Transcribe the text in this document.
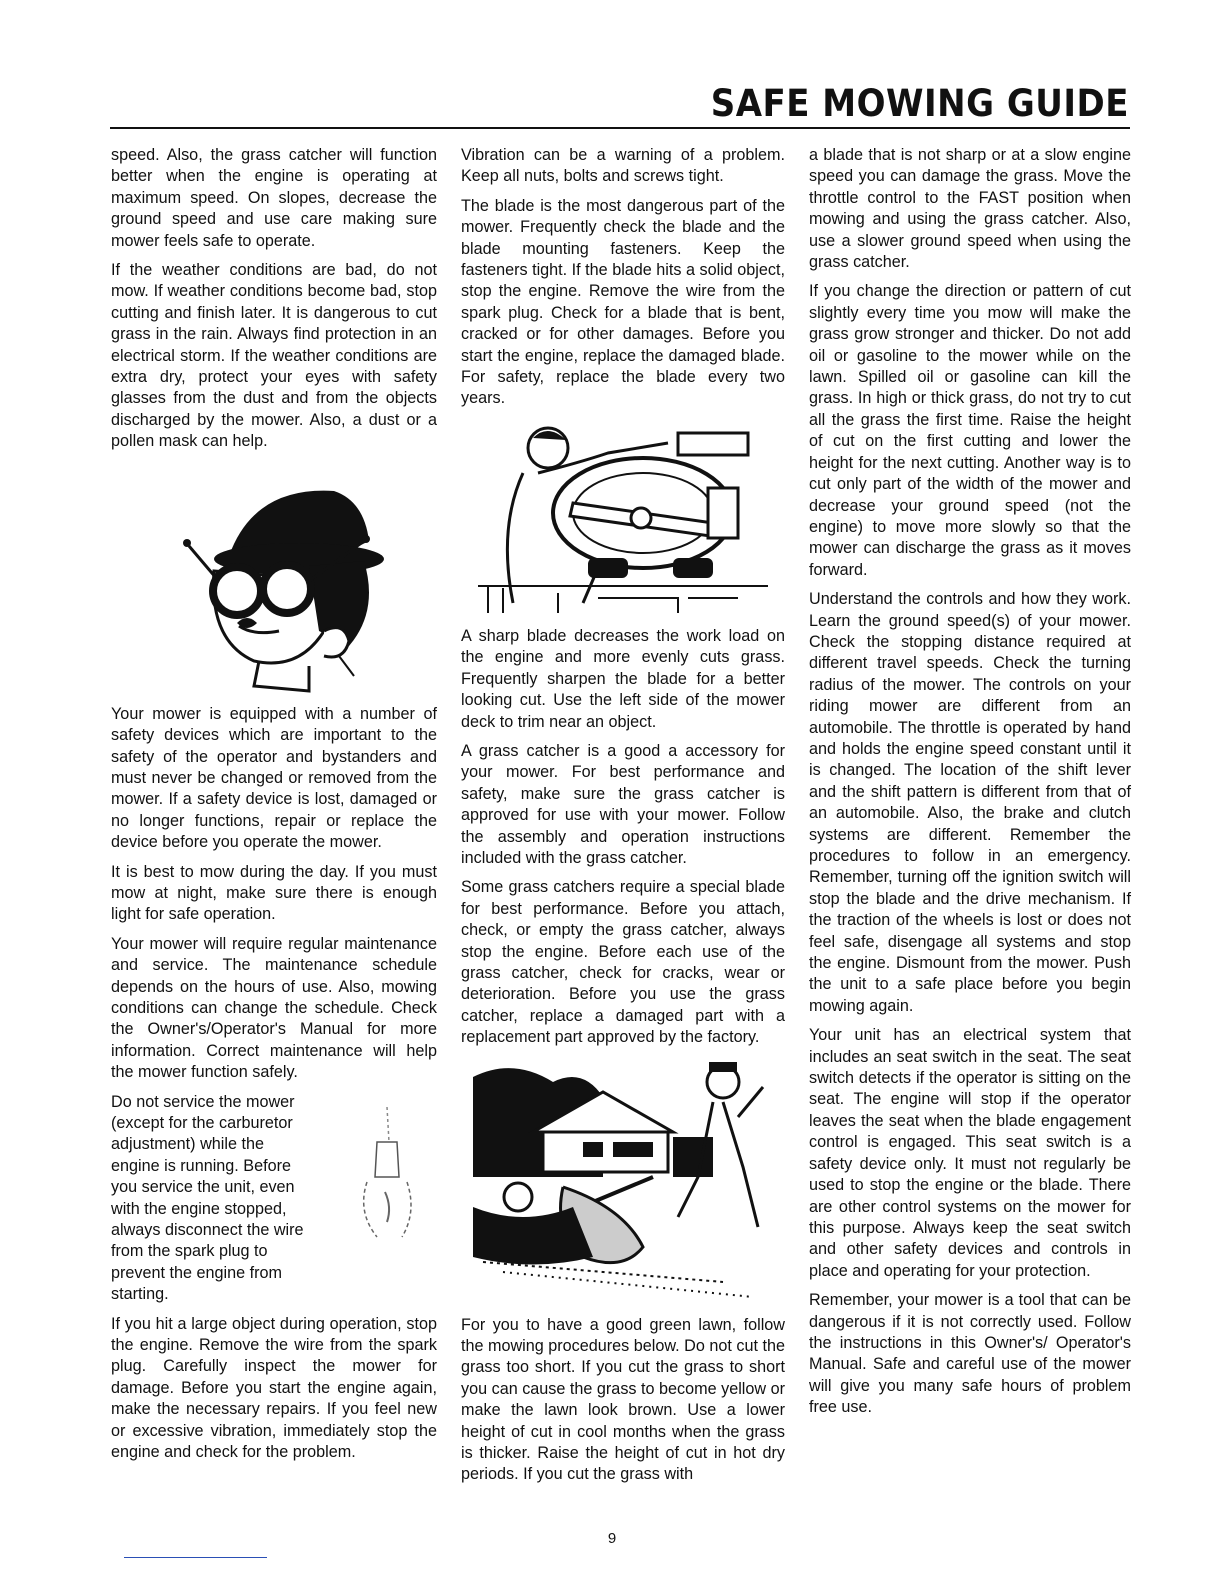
SAFE MOWING GUIDE

speed. Also, the grass catcher will function better when the engine is operating at maximum speed. On slopes, decrease the ground speed and use care making sure mower feels safe to operate.

If the weather conditions are bad, do not mow. If weather conditions become bad, stop cutting and finish later. It is dangerous to cut grass in the rain. Always find protection in an electrical storm. If the weather conditions are extra dry, protect your eyes with safety glasses from the dust and from the objects discharged by the mower. Also, a dust or a pollen mask can help.

Your mower is equipped with a number of safety devices which are important to the safety of the operator and bystanders and must never be changed or removed from the mower. If a safety device is lost, damaged or no longer functions, repair or replace the device before you operate the mower.

It is best to mow during the day. If you must mow at night, make sure there is enough light for safe operation.

Your mower will require regular maintenance and service. The maintenance schedule depends on the hours of use. Also, mowing conditions can change the schedule. Check the Owner's/Operator's Manual for more information. Correct maintenance will help the mower function safely.

Do not service the mower (except for the carburetor adjustment) while the engine is running. Before you service the unit, even with the engine stopped, always disconnect the wire from the spark plug to prevent the engine from starting.

If you hit a large object during operation, stop the engine. Remove the wire from the spark plug. Carefully inspect the mower for damage. Before you start the engine again, make the necessary repairs. If you feel new or excessive vibration, immediately stop the engine and check for the problem.

Vibration can be a warning of a problem. Keep all nuts, bolts and screws tight.

The blade is the most dangerous part of the mower. Frequently check the blade and the blade mounting fasteners. Keep the fasteners tight. If the blade hits a solid object, stop the engine. Remove the wire from the spark plug. Check for a blade that is bent, cracked or for other damages. Before you start the engine, replace the damaged blade. For safety, replace the blade every two years.

A sharp blade decreases the work load on the engine and more evenly cuts grass. Frequently sharpen the blade for a better looking cut. Use the left side of the mower deck to trim near an object.

A grass catcher is a good a accessory for your mower. For best performance and safety, make sure the grass catcher is approved for use with your mower. Follow the assembly and operation instructions included with the grass catcher.

Some grass catchers require a special blade for best performance. Before you attach, check, or empty the grass catcher, always stop the engine. Before each use of the grass catcher, check for cracks, wear or deterioration. Before you use the grass catcher, replace a damaged part with a replacement part approved by the factory.

For you to have a good green lawn, follow the mowing procedures below. Do not cut the grass too short. If you cut the grass to short you can cause the grass to become yellow or make the lawn look brown. Use a lower height of cut in cool months when the grass is thicker. Raise the height of cut in hot dry periods. If you cut the grass with

a blade that is not sharp or at a slow engine speed you can damage the grass. Move the throttle control to the FAST position when mowing and using the grass catcher. Also, use a slower ground speed when using the grass catcher.

If you change the direction or pattern of cut slightly every time you mow will make the grass grow stronger and thicker. Do not add oil or gasoline to the mower while on the lawn. Spilled oil or gasoline can kill the grass. In high or thick grass, do not try to cut all the grass the first time. Raise the height of cut on the first cutting and lower the height for the next cutting. Another way is to cut only part of the width of the mower and decrease your ground speed (not the engine) to move more slowly so that the mower can discharge the grass as it moves forward.

Understand the controls and how they work. Learn the ground speed(s) of your mower. Check the stopping distance required at different travel speeds. Check the turning radius of the mower. The controls on your riding mower are different from an automobile. The throttle is operated by hand and holds the engine speed constant until it is changed. The location of the shift lever and the shift pattern is different from that of an automobile. Also, the brake and clutch systems are different. Remember the procedures to follow in an emergency. Remember, turning off the ignition switch will stop the blade and the drive mechanism. If the traction of the wheels is lost or does not feel safe, disengage all systems and stop the engine. Dismount from the mower. Push the unit to a safe place before you begin mowing again.

Your unit has an electrical system that includes an seat switch in the seat. The seat switch detects if the operator is sitting on the seat. The engine will stop if the operator leaves the seat when the blade engagement control is engaged. This seat switch is a safety device only. It must not regularly be used to stop the engine or the blade. There are other control systems on the mower for this purpose. Always keep the seat switch and other safety devices and controls in place and operating for your protection.

Remember, your mower is a tool that can be dangerous if it is not correctly used. Follow the instructions in this Owner's/ Operator's Manual. Safe and careful use of the mower will give you many safe hours of problem free use.

9
